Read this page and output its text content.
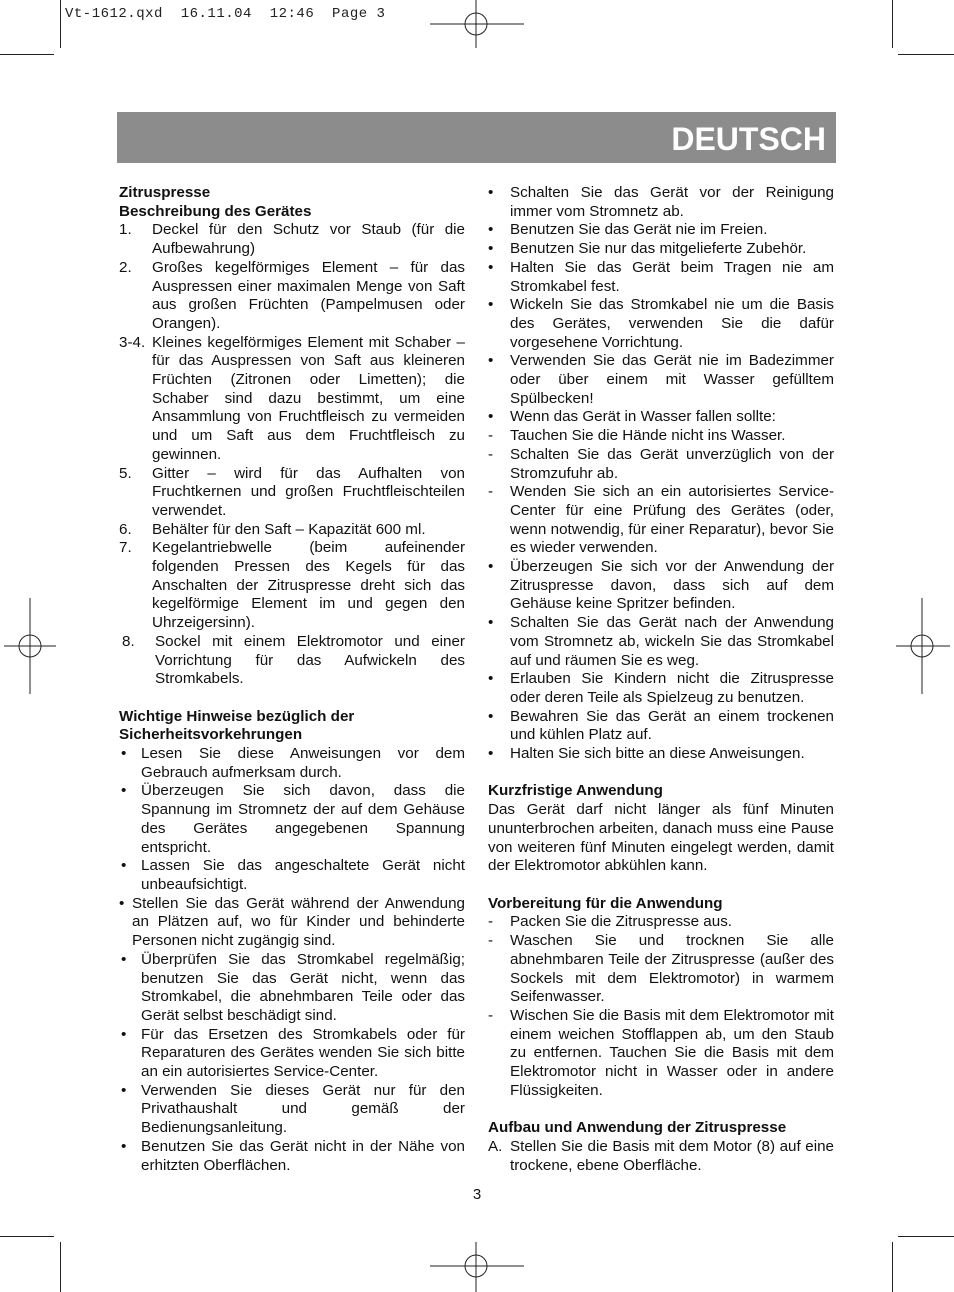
Vt-1612.qxd  16.11.04  12:46  Page 3
DEUTSCH
Zitruspresse
Beschreibung des Gerätes
1.	Deckel für den Schutz vor Staub (für die Aufbewahrung)
2.	Großes kegelförmiges Element – für das Auspressen einer maximalen Menge von Saft aus großen Früchten (Pampelmusen oder Orangen).
3-4. Kleines kegelförmiges Element mit Schaber – für das Auspressen von Saft aus kleineren Früchten (Zitronen oder Limetten); die Schaber sind dazu bestimmt, um eine Ansammlung von Fruchtfleisch zu vermeiden und um Saft aus dem Fruchtfleisch zu gewinnen.
5.	Gitter – wird für das Aufhalten von Fruchtkernen und großen Fruchtfleischteilen verwendet.
6.	Behälter für den Saft – Kapazität 600 ml.
7.	Kegelantriebwelle (beim aufeinender folgenden Pressen des Kegels für das Anschalten der Zitruspresse dreht sich das kegelförmige Element im und gegen den Uhrzeigersinn).
8.	Sockel mit einem Elektromotor und einer Vorrichtung für das Aufwickeln des Stromkabels.
Wichtige Hinweise bezüglich der
Sicherheitsvorkehrungen
• Lesen Sie diese Anweisungen vor dem Gebrauch aufmerksam durch.
• Überzeugen Sie sich davon, dass die Spannung im Stromnetz der auf dem Gehäuse des Gerätes angegebenen Spannung entspricht.
• Lassen Sie das angeschaltete Gerät nicht unbeaufsichtigt.
• Stellen Sie das Gerät während der Anwendung an Plätzen auf, wo für Kinder und behinderte Personen nicht zugängig sind.
• Überprüfen Sie das Stromkabel regelmäßig; benutzen Sie das Gerät nicht, wenn das Stromkabel, die abnehmbaren Teile oder das Gerät selbst beschädigt sind.
• Für das Ersetzen des Stromkabels oder für Reparaturen des Gerätes wenden Sie sich bitte an ein autorisiertes Service-Center.
• Verwenden Sie dieses Gerät nur für den Privathaushalt und gemäß der Bedienungsanleitung.
• Benutzen Sie das Gerät nicht in der Nähe von erhitzten Oberflächen.
•	Schalten Sie das Gerät vor der Reinigung immer vom Stromnetz ab.
•	Benutzen Sie das Gerät nie im Freien.
•	Benutzen Sie nur das mitgelieferte Zubehör.
•	Halten Sie das Gerät beim Tragen nie am Stromkabel fest.
•	Wickeln Sie das Stromkabel nie um die Basis des Gerätes, verwenden Sie die dafür vorgesehene Vorrichtung.
•	Verwenden Sie das Gerät nie im Badezimmer oder über einem mit Wasser gefülltem Spülbecken!
•	Wenn das Gerät in Wasser fallen sollte:
-	Tauchen Sie die Hände nicht ins Wasser.
-	Schalten Sie das Gerät unverzüglich von der Stromzufuhr ab.
-	Wenden Sie sich an ein autorisiertes Service-Center für eine Prüfung des Gerätes (oder, wenn notwendig, für einer Reparatur), bevor Sie es wieder verwenden.
•	Überzeugen Sie sich vor der Anwendung der Zitruspresse davon, dass sich auf dem Gehäuse keine Spritzer befinden.
•	Schalten Sie das Gerät nach der Anwendung vom Stromnetz ab, wickeln Sie das Stromkabel auf und räumen Sie es weg.
•	Erlauben Sie Kindern nicht die Zitruspresse oder deren Teile als Spielzeug zu benutzen.
•	Bewahren Sie das Gerät an einem trockenen und kühlen Platz auf.
•	Halten Sie sich bitte an diese Anweisungen.
Kurzfristige Anwendung
Das Gerät darf nicht länger als fünf Minuten ununterbrochen arbeiten, danach muss eine Pause von weiteren fünf Minuten eingelegt werden, damit der Elektromotor abkühlen kann.
Vorbereitung für die Anwendung
-	Packen Sie die Zitruspresse aus.
-	Waschen Sie und trocknen Sie alle abnehmbaren Teile der Zitruspresse (außer des Sockels mit dem Elektromotor) in warmem Seifenwasser.
-	Wischen Sie die Basis mit dem Elektromotor mit einem weichen Stofflappen ab, um den Staub zu entfernen. Tauchen Sie die Basis mit dem Elektromotor nicht in Wasser oder in andere Flüssigkeiten.
Aufbau und Anwendung der Zitruspresse
A. Stellen Sie die Basis mit dem Motor (8) auf eine trockene, ebene Oberfläche.
3
